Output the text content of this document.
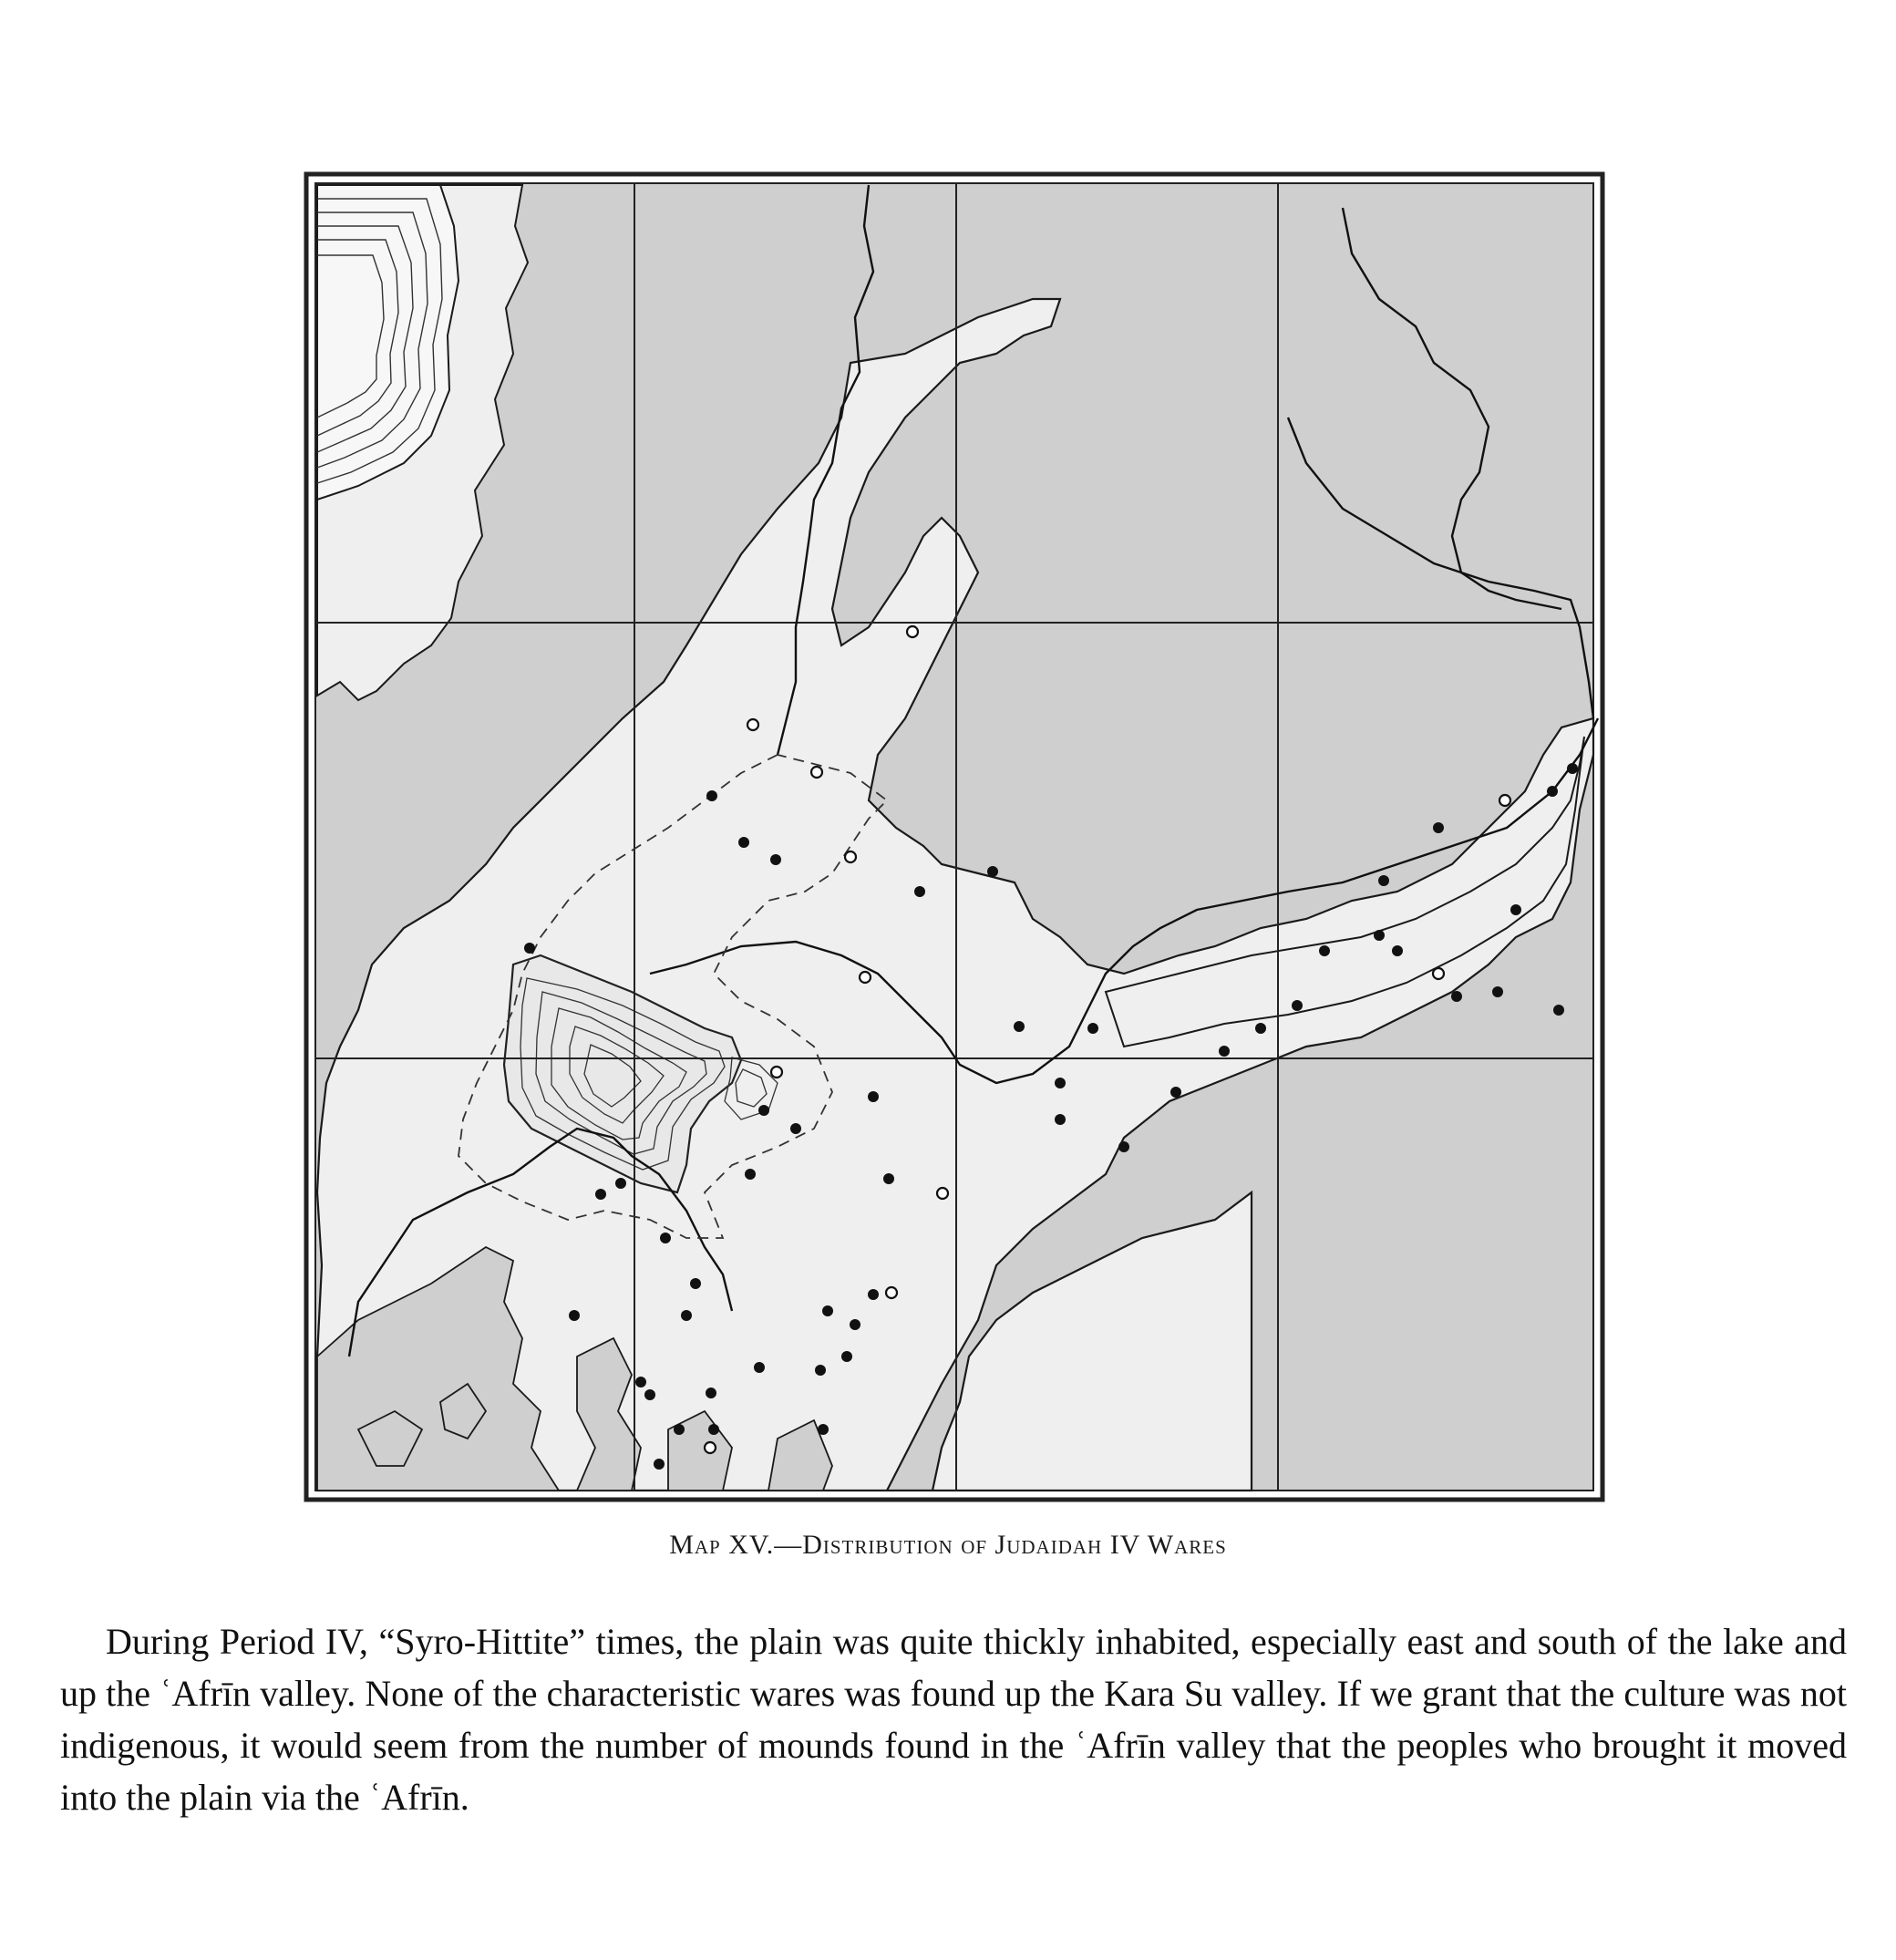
Map XV.—Distribution of Judaidah IV Wares

During Period IV, “Syro-Hittite” times, the plain was quite thickly inhabited, especially east and south of the lake and up the ʿAfrīn valley. None of the characteristic wares was found up the Kara Su valley. If we grant that the culture was not indigenous, it would seem from the number of mounds found in the ʿAfrīn valley that the peoples who brought it moved into the plain via the ʿAfrīn.
